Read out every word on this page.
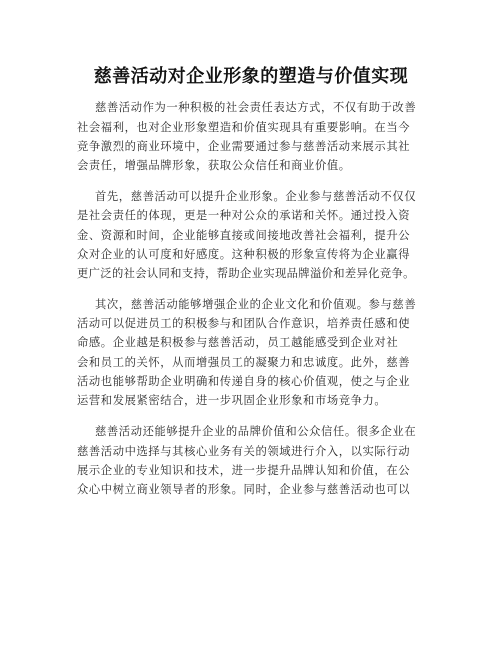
慈善活动对企业形象的塑造与价值实现
慈善活动作为一种积极的社会责任表达方式，不仅有助于改善
社会福利，也对企业形象塑造和价值实现具有重要影响。在当今
竞争激烈的商业环境中，企业需要通过参与慈善活动来展示其社
会责任，增强品牌形象，获取公众信任和商业价值。
首先，慈善活动可以提升企业形象。企业参与慈善活动不仅仅
是社会责任的体现，更是一种对公众的承诺和关怀。通过投入资
金、资源和时间，企业能够直接或间接地改善社会福利，提升公
众对企业的认可度和好感度。这种积极的形象宣传将为企业赢得
更广泛的社会认同和支持，帮助企业实现品牌溢价和差异化竞争。
其次，慈善活动能够增强企业的企业文化和价值观。参与慈善
活动可以促进员工的积极参与和团队合作意识，培养责任感和使
命感。企业越是积极参与慈善活动，员工越能感受到企业对社
会和员工的关怀，从而增强员工的凝聚力和忠诚度。此外，慈善
活动也能够帮助企业明确和传递自身的核心价值观，使之与企业
运营和发展紧密结合，进一步巩固企业形象和市场竞争力。
慈善活动还能够提升企业的品牌价值和公众信任。很多企业在
慈善活动中选择与其核心业务有关的领域进行介入，以实际行动
展示企业的专业知识和技术，进一步提升品牌认知和价值，在公
众心中树立商业领导者的形象。同时，企业参与慈善活动也可以
